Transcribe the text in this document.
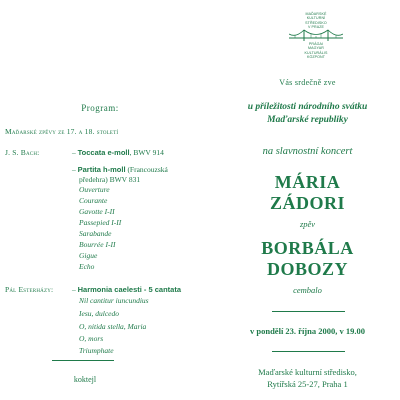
Program:
Maďarské zpěvy ze 17. a 18. století
J. S. Bach:	– Toccata e-moll, BWV 914
– Partita h-moll (Francouzská
předehra) BWV 831
Ouverture
Courante
Gavotte I-II
Passepied I-II
Sarabande
Bourrée I-II
Gigue
Echo
Pál Esterházy: – Harmonia caelesti - 5 cantata
Nil cantitur iuncundius
Iesu, dulcedo
O, nitida stella, Maria
O, mors
Triumphate
koktejl
MAĎARSKÉ
KULTURNÍ
STŘEDISKO
V PRAZE
PRÁGAI
MAGYAR
KULTURÁLIS
KÖZPONT
Vás srdečně zve
u příležitosti národního svátku
Maďarské republiky
na slavnostní koncert
MÁRIA
ZÁDORI
zpěv
BORBÁLA
DOBOZY
cembalo
v pondělí 23. října 2000, v 19.00
Maďarské kulturní středisko,
Rytířská 25-27, Praha 1
